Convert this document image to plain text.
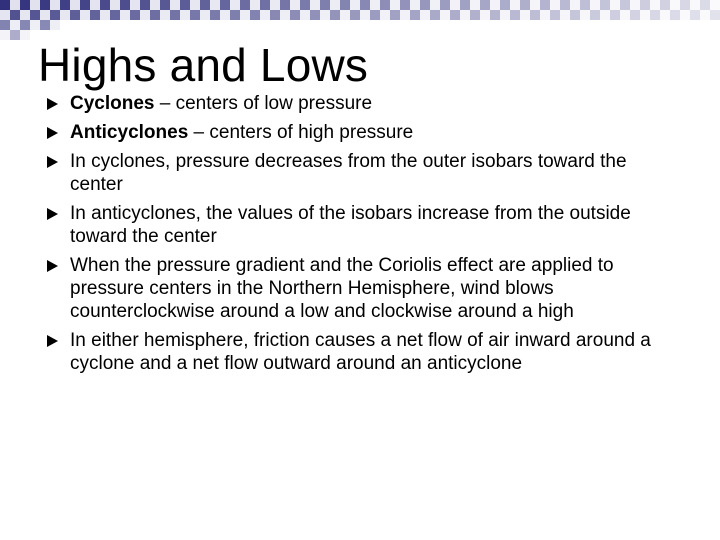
Highs and Lows
Cyclones – centers of low pressure
Anticyclones – centers of high pressure
In cyclones, pressure decreases from the outer isobars toward the center
In anticyclones, the values of the isobars increase from the outside toward the center
When the pressure gradient and the Coriolis effect are applied to pressure centers in the Northern Hemisphere, wind blows counterclockwise around a low and clockwise around a high
In either hemisphere, friction causes a net flow of air inward around a cyclone and a net flow outward around an anticyclone
